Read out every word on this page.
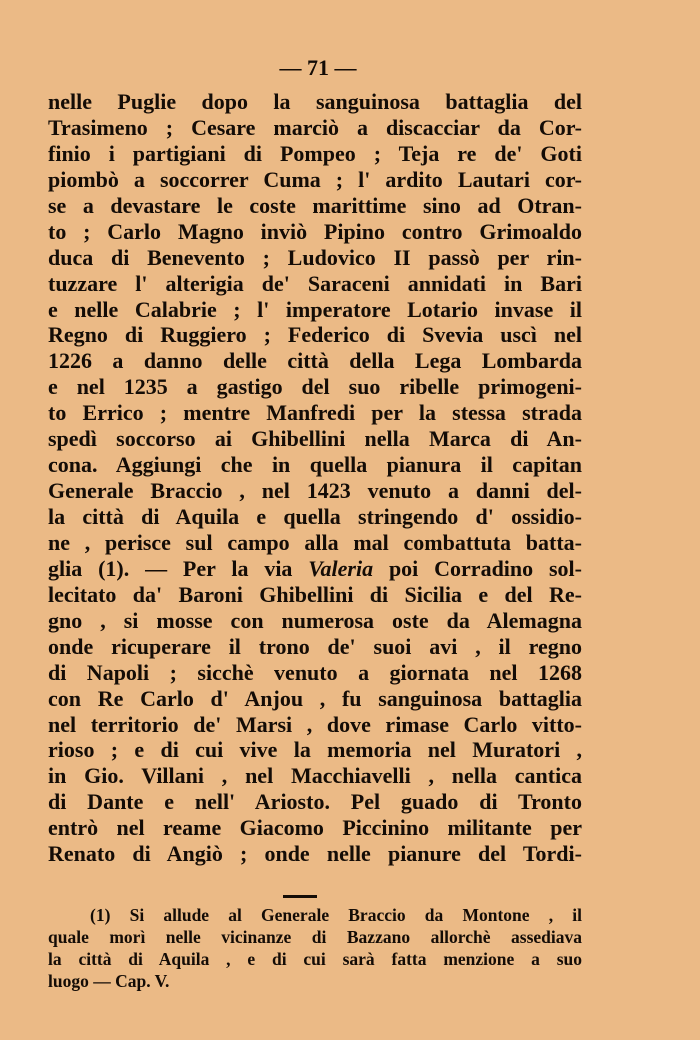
— 71 —
nelle Puglie dopo la sanguinosa battaglia del
Trasimeno ; Cesare marciò a discacciar da Cor-
finio i partigiani di Pompeo ; Teja re de' Goti
piombò a soccorrer Cuma ; l' ardito Lautari cor-
se a devastare le coste marittime sino ad Otran-
to ; Carlo Magno inviò Pipino contro Grimoaldo
duca di Benevento ; Ludovico II passò per rin-
tuzzare l' alterigia de' Saraceni annidati in Bari
e nelle Calabrie ; l' imperatore Lotario invase il
Regno di Ruggiero ; Federico di Svevia uscì nel
1226 a danno delle città della Lega Lombarda
e nel 1235 a gastigo del suo ribelle primogeni-
to Errico ; mentre Manfredi per la stessa strada
spedì soccorso ai Ghibellini nella Marca di An-
cona. Aggiungi che in quella pianura il capitan
Generale Braccio , nel 1423 venuto a danni del-
la città di Aquila e quella stringendo d' ossidio-
ne , perisce sul campo alla mal combattuta batta-
glia (1). — Per la via Valeria poi Corradino sol-
lecitato da' Baroni Ghibellini di Sicilia e del Re-
gno , si mosse con numerosa oste da Alemagna
onde ricuperare il trono de' suoi avi , il regno
di Napoli ; sicchè venuto a giornata nel 1268
con Re Carlo d' Anjou , fu sanguinosa battaglia
nel territorio de' Marsi , dove rimase Carlo vitto-
rioso ; e di cui vive la memoria nel Muratori ,
in Gio. Villani , nel Macchiavelli , nella cantica
di Dante e nell' Ariosto. Pel guado di Tronto
entrò nel reame Giacomo Piccinino militante per
Renato di Angiò ; onde nelle pianure del Tordi-
(1) Si allude al Generale Braccio da Montone , il
quale morì nelle vicinanze di Bazzano allorchè assediava
la città di Aquila , e di cui sarà fatta menzione a suo
luogo — Cap. V.
